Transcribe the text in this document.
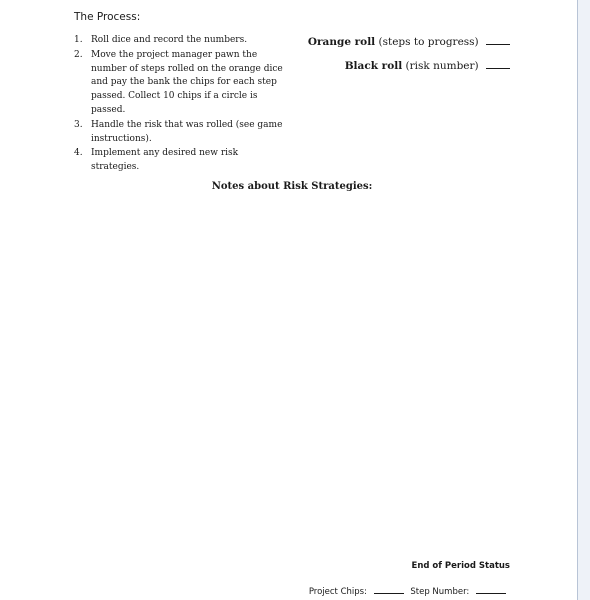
The Process:
1. Roll dice and record the numbers.
2. Move the project manager pawn the number of steps rolled on the orange dice and pay the bank the chips for each step passed. Collect 10 chips if a circle is passed.
3. Handle the risk that was rolled (see game instructions).
4. Implement any desired new risk strategies.
Orange roll (steps to progress)
Black roll (risk number)
Notes about Risk Strategies:
End of Period Status
Project Chips:	Step Number:
